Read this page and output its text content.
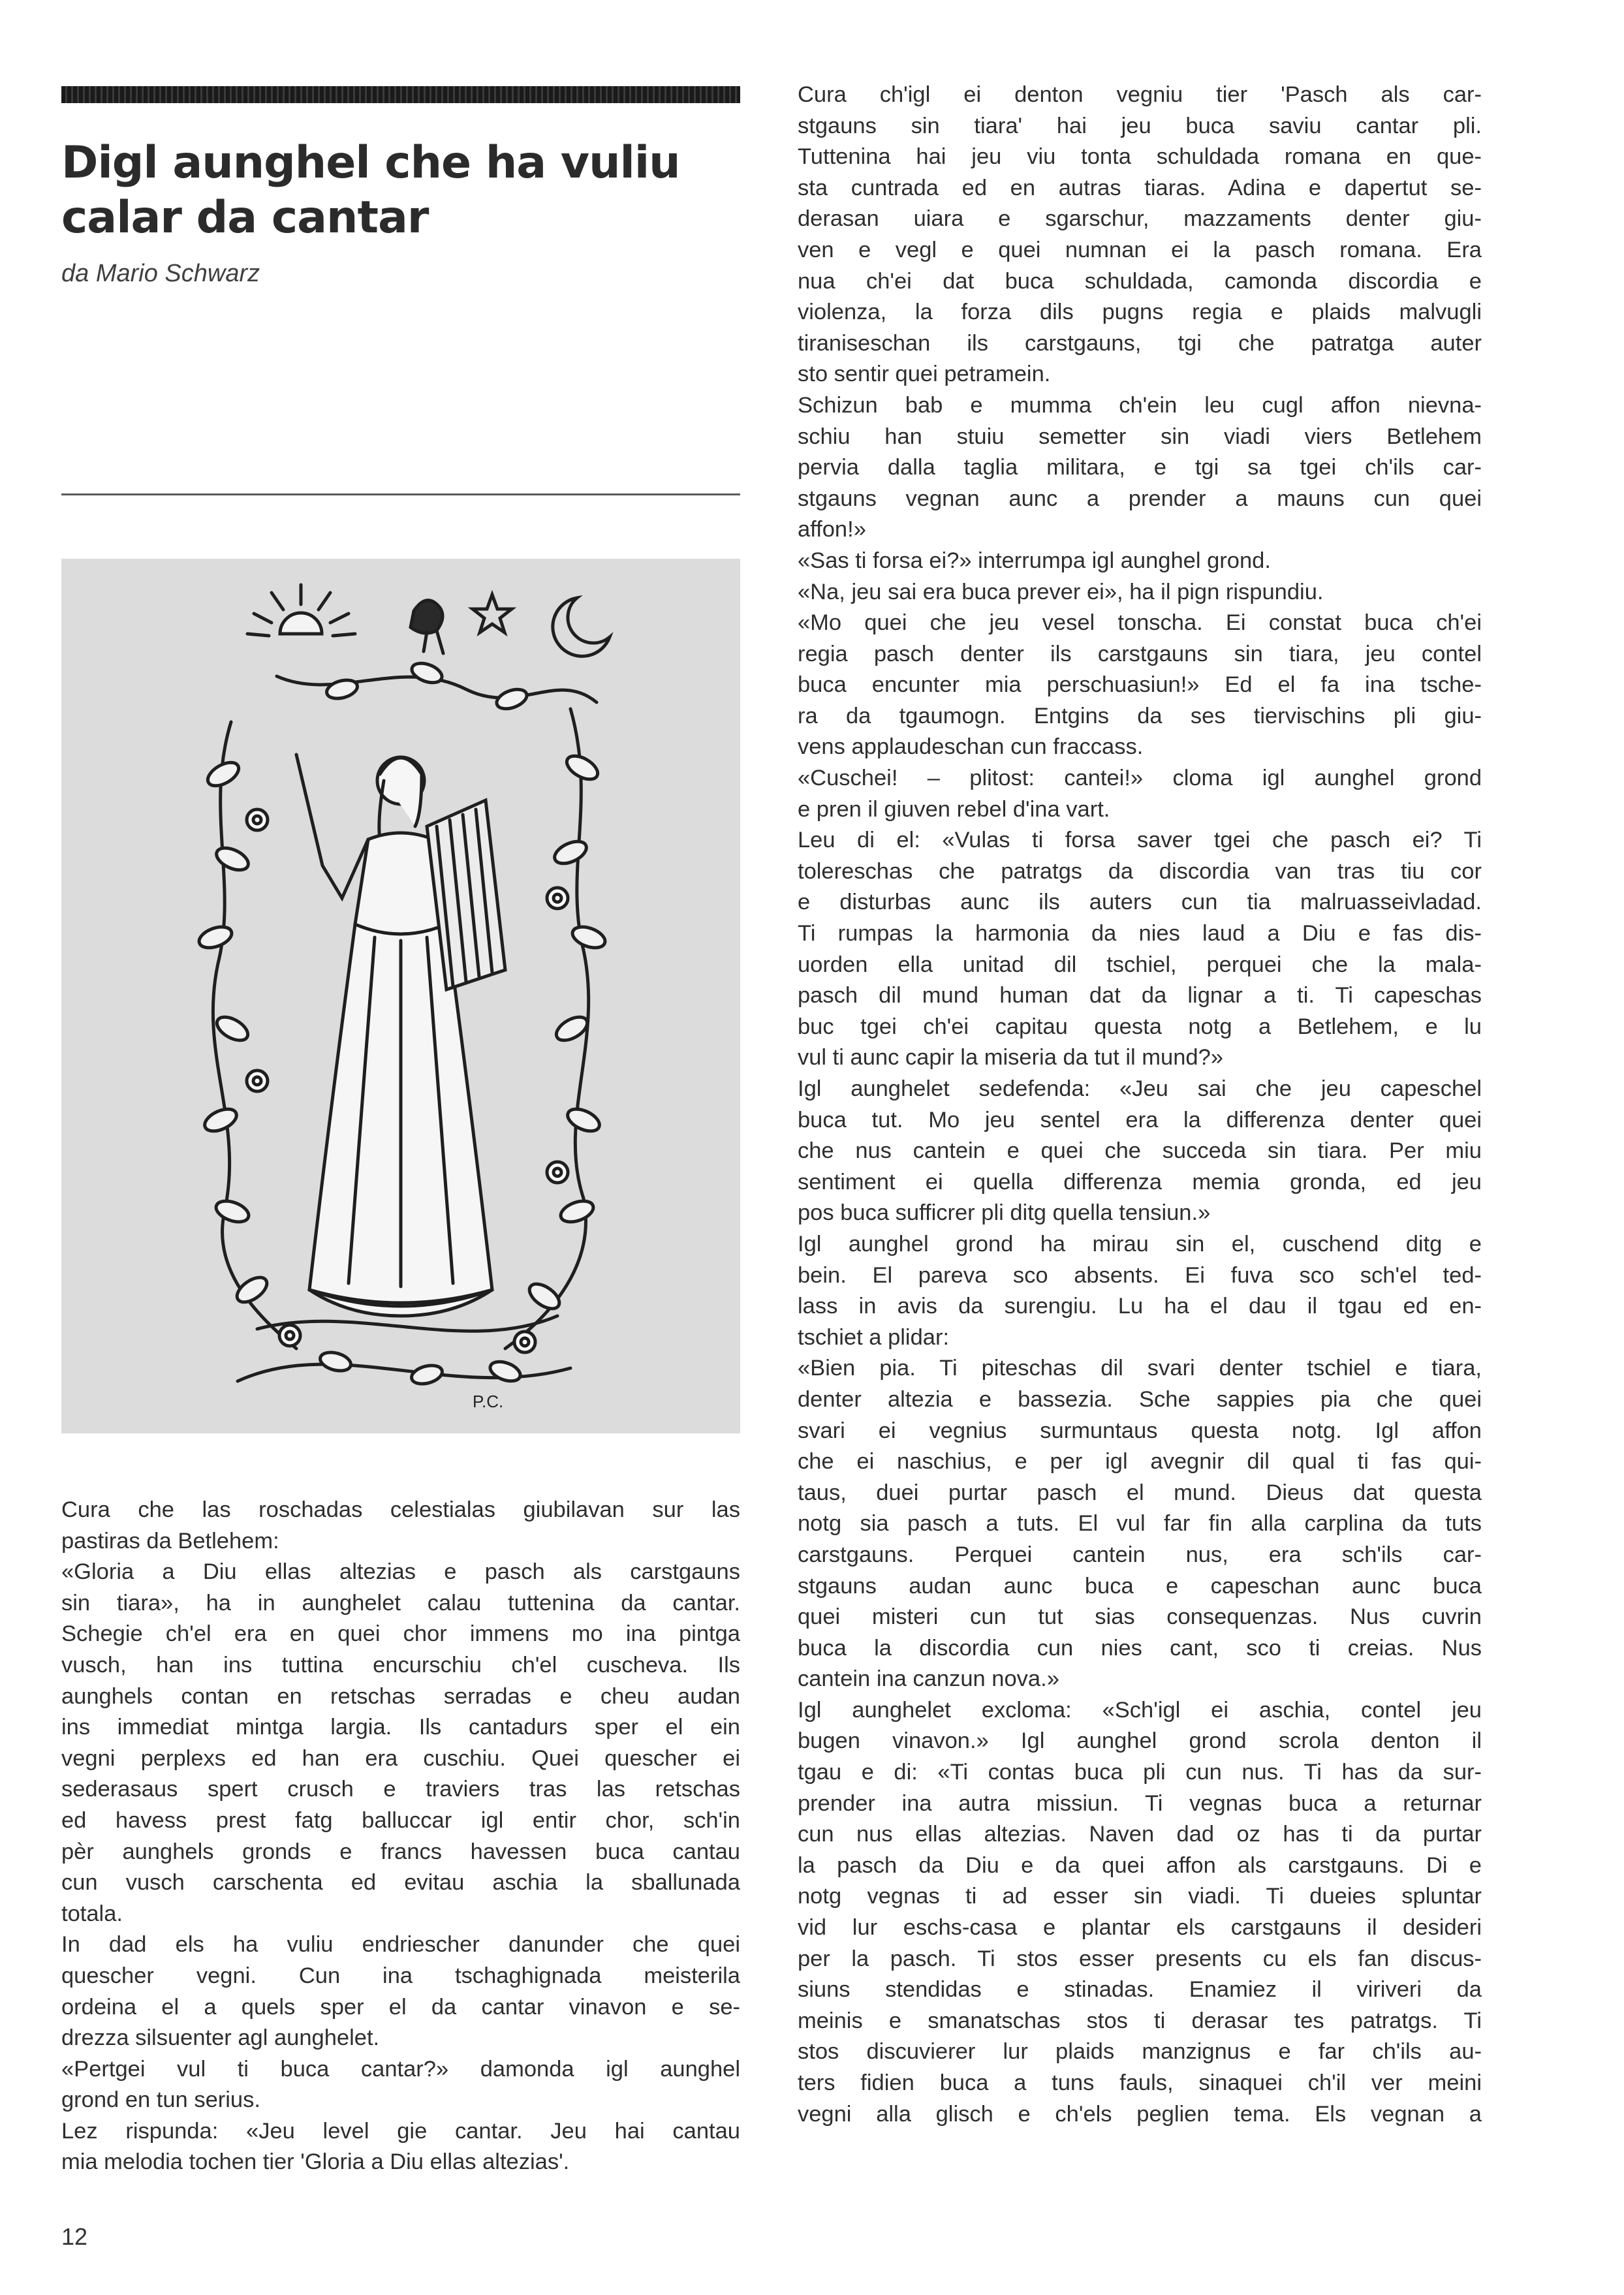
Digl aunghel che ha vuliu
calar da cantar

da Mario Schwarz

P.C.
Cura che las roschadas celestialas giubilavan sur las
pastiras da Betlehem:
«Gloria a Diu ellas altezias e pasch als carstgauns
sin tiara», ha in aunghelet calau tuttenina da cantar.
Schegie ch'el era en quei chor immens mo ina pintga
vusch, han ins tuttina encurschiu ch'el cuscheva. Ils
aunghels contan en retschas serradas e cheu audan
ins immediat mintga largia. Ils cantadurs sper el ein
vegni perplexs ed han era cuschiu. Quei quescher ei
sederasaus spert crusch e traviers tras las retschas
ed havess prest fatg balluccar igl entir chor, sch'in
pèr aunghels gronds e francs havessen buca cantau
cun vusch carschenta ed evitau aschia la sballunada
totala.
In dad els ha vuliu endriescher danunder che quei
quescher vegni. Cun ina tschaghignada meisterila
ordeina el a quels sper el da cantar vinavon e se-
drezza silsuenter agl aunghelet.
«Pertgei vul ti buca cantar?» damonda igl aunghel
grond en tun serius.
Lez rispunda: «Jeu level gie cantar. Jeu hai cantau
mia melodia tochen tier 'Gloria a Diu ellas altezias'.
Cura ch'igl ei denton vegniu tier 'Pasch als car-
stgauns sin tiara' hai jeu buca saviu cantar pli.
Tuttenina hai jeu viu tonta schuldada romana en que-
sta cuntrada ed en autras tiaras. Adina e dapertut se-
derasan uiara e sgarschur, mazzaments denter giu-
ven e vegl e quei numnan ei la pasch romana. Era
nua ch'ei dat buca schuldada, camonda discordia e
violenza, la forza dils pugns regia e plaids malvugli
tiraniseschan ils carstgauns, tgi che patratga auter
sto sentir quei petramein.
Schizun bab e mumma ch'ein leu cugl affon nievna-
schiu han stuiu semetter sin viadi viers Betlehem
pervia dalla taglia militara, e tgi sa tgei ch'ils car-
stgauns vegnan aunc a prender a mauns cun quei
affon!»
«Sas ti forsa ei?» interrumpa igl aunghel grond.
«Na, jeu sai era buca prever ei», ha il pign rispundiu.
«Mo quei che jeu vesel tonscha. Ei constat buca ch'ei
regia pasch denter ils carstgauns sin tiara, jeu contel
buca encunter mia perschuasiun!» Ed el fa ina tsche-
ra da tgaumogn. Entgins da ses tiervischins pli giu-
vens applaudeschan cun fraccass.
«Cuschei! – plitost: cantei!» cloma igl aunghel grond
e pren il giuven rebel d'ina vart.
Leu di el: «Vulas ti forsa saver tgei che pasch ei? Ti
tolereschas che patratgs da discordia van tras tiu cor
e disturbas aunc ils auters cun tia malruasseivladad.
Ti rumpas la harmonia da nies laud a Diu e fas dis-
uorden ella unitad dil tschiel, perquei che la mala-
pasch dil mund human dat da lignar a ti. Ti capeschas
buc tgei ch'ei capitau questa notg a Betlehem, e lu
vul ti aunc capir la miseria da tut il mund?»
Igl aunghelet sedefenda: «Jeu sai che jeu capeschel
buca tut. Mo jeu sentel era la differenza denter quei
che nus cantein e quei che succeda sin tiara. Per miu
sentiment ei quella differenza memia gronda, ed jeu
pos buca sufficrer pli ditg quella tensiun.»
Igl aunghel grond ha mirau sin el, cuschend ditg e
bein. El pareva sco absents. Ei fuva sco sch'el ted-
lass in avis da surengiu. Lu ha el dau il tgau ed en-
tschiet a plidar:
«Bien pia. Ti piteschas dil svari denter tschiel e tiara,
denter altezia e bassezia. Sche sappies pia che quei
svari ei vegnius surmuntaus questa notg. Igl affon
che ei naschius, e per igl avegnir dil qual ti fas qui-
taus, duei purtar pasch el mund. Dieus dat questa
notg sia pasch a tuts. El vul far fin alla carplina da tuts
carstgauns. Perquei cantein nus, era sch'ils car-
stgauns audan aunc buca e capeschan aunc buca
quei misteri cun tut sias consequenzas. Nus cuvrin
buca la discordia cun nies cant, sco ti creias. Nus
cantein ina canzun nova.»
Igl aunghelet excloma: «Sch'igl ei aschia, contel jeu
bugen vinavon.» Igl aunghel grond scrola denton il
tgau e di: «Ti contas buca pli cun nus. Ti has da sur-
prender ina autra missiun. Ti vegnas buca a returnar
cun nus ellas altezias. Naven dad oz has ti da purtar
la pasch da Diu e da quei affon als carstgauns. Di e
notg vegnas ti ad esser sin viadi. Ti dueies spluntar
vid lur eschs-casa e plantar els carstgauns il desideri
per la pasch. Ti stos esser presents cu els fan discus-
siuns stendidas e stinadas. Enamiez il viriveri da
meinis e smanatschas stos ti derasar tes patratgs. Ti
stos discuvierer lur plaids manzignus e far ch'ils au-
ters fidien buca a tuns fauls, sinaquei ch'il ver meini
vegni alla glisch e ch'els peglien tema. Els vegnan a
12
